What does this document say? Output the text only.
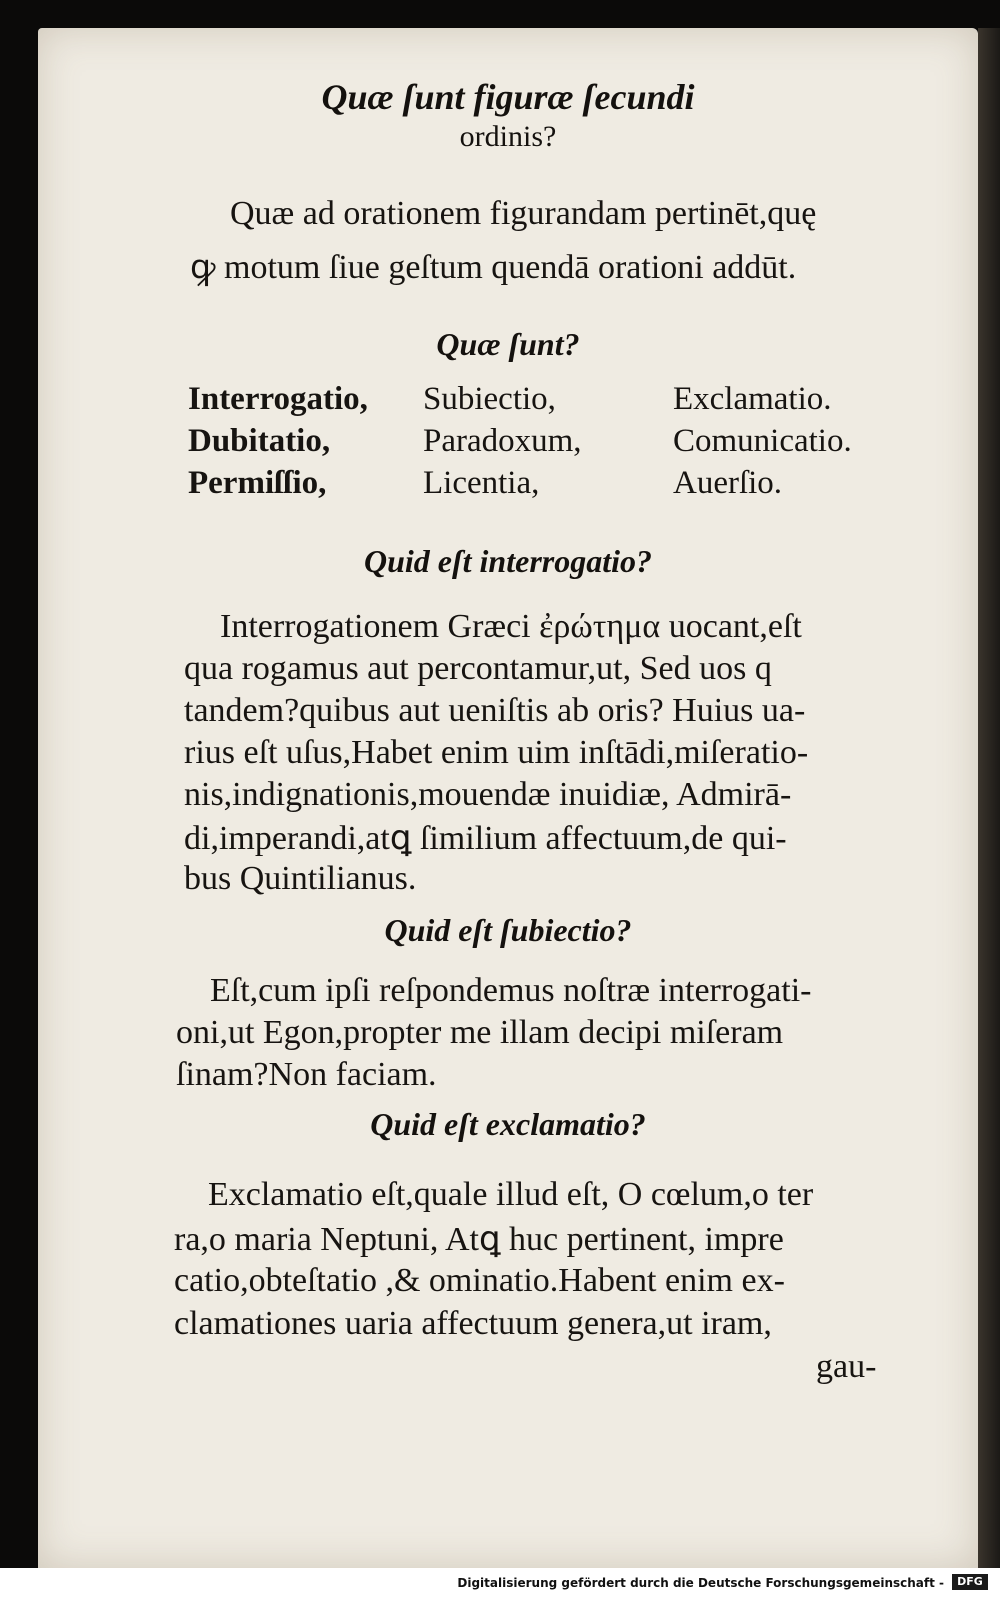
Quæ ſunt figuræ ſecundi
ordinis?
Quæ ad orationem figurandam pertinēt,quę
ꝙ motum ſiue geſtum quendā orationi addūt.
Quæ ſunt?
Interrogatio,
Dubitatio,
Permiſſio,
Subiectio,
Paradoxum,
Licentia,
Exclamatio.
Comunicatio.
Auerſio.
Quid eſt interrogatio?
Interrogationem Græci ἐρώτημα uocant,eſt
qua rogamus aut percontamur,ut, Sed uos q
tandem?quibus aut ueniſtis ab oris? Huius ua-
rius eſt uſus,Habet enim uim inſtādi,miſeratio-
nis,indignationis,mouendæ inuidiæ, Admirā-
di,imperandi,atꝗ ſimilium affectuum,de qui-
bus Quintilianus.
Quid eſt ſubiectio?
Eſt,cum ipſi reſpondemus noſtræ interrogati-
oni,ut Egon,propter me illam decipi miſeram
ſinam?Non faciam.
Quid eſt exclamatio?
Exclamatio eſt,quale illud eſt, O cœlum,o ter
ra,o maria Neptuni, Atꝗ huc pertinent, impre
catio,obteſtatio ,& ominatio.Habent enim ex-
clamationes uaria affectuum genera,ut iram,
gau-
Digitalisierung gefördert durch die Deutsche Forschungsgemeinschaft -	DFG
